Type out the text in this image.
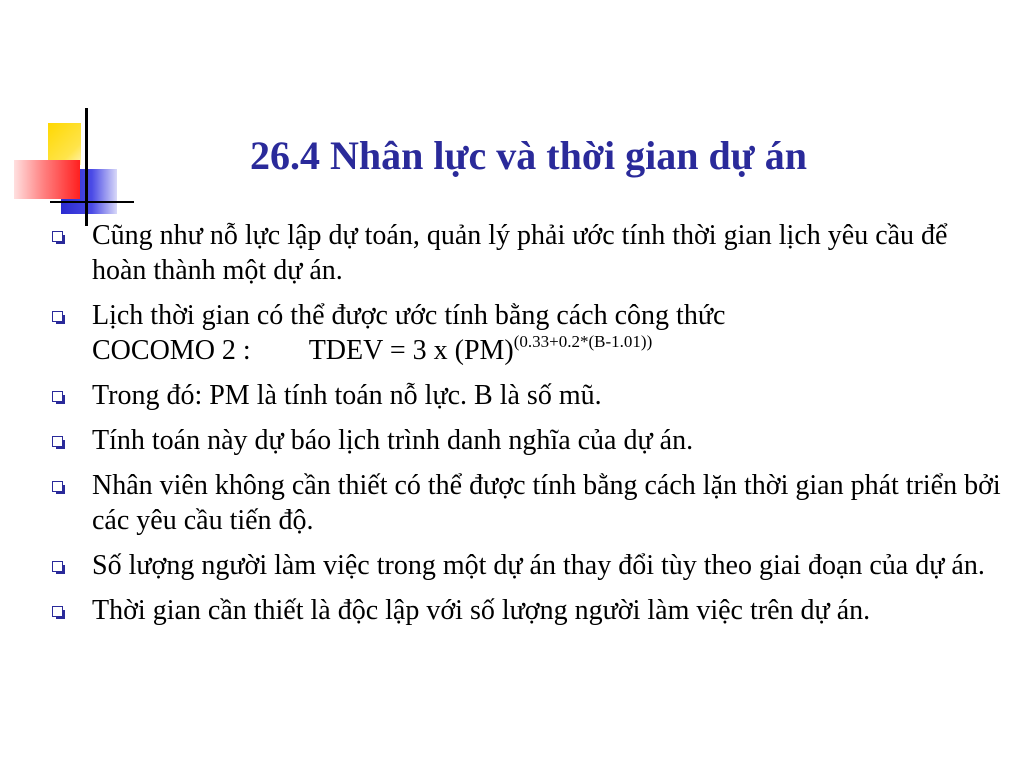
26.4 Nhân lực và thời gian dự án
Cũng như nỗ lực lập dự toán, quản lý phải ước tính thời gian lịch yêu cầu để hoàn thành một dự án.
Lịch thời gian có thể được ước tính bằng cách công thức
COCOMO 2 : TDEV = 3 x (PM)$^{(0.33+0.2*(B-1.01))}$
Trong đó: PM là tính toán nỗ lực. B là số mũ.
Tính toán này dự báo lịch trình danh nghĩa của dự án.
Nhân viên không cần thiết có thể được tính bằng cách lặn thời gian phát triển bởi các yêu cầu tiến độ.
Số lượng người làm việc trong một dự án thay đổi tùy theo giai đoạn của dự án.
Thời gian cần thiết là độc lập với số lượng người làm việc trên dự án.
